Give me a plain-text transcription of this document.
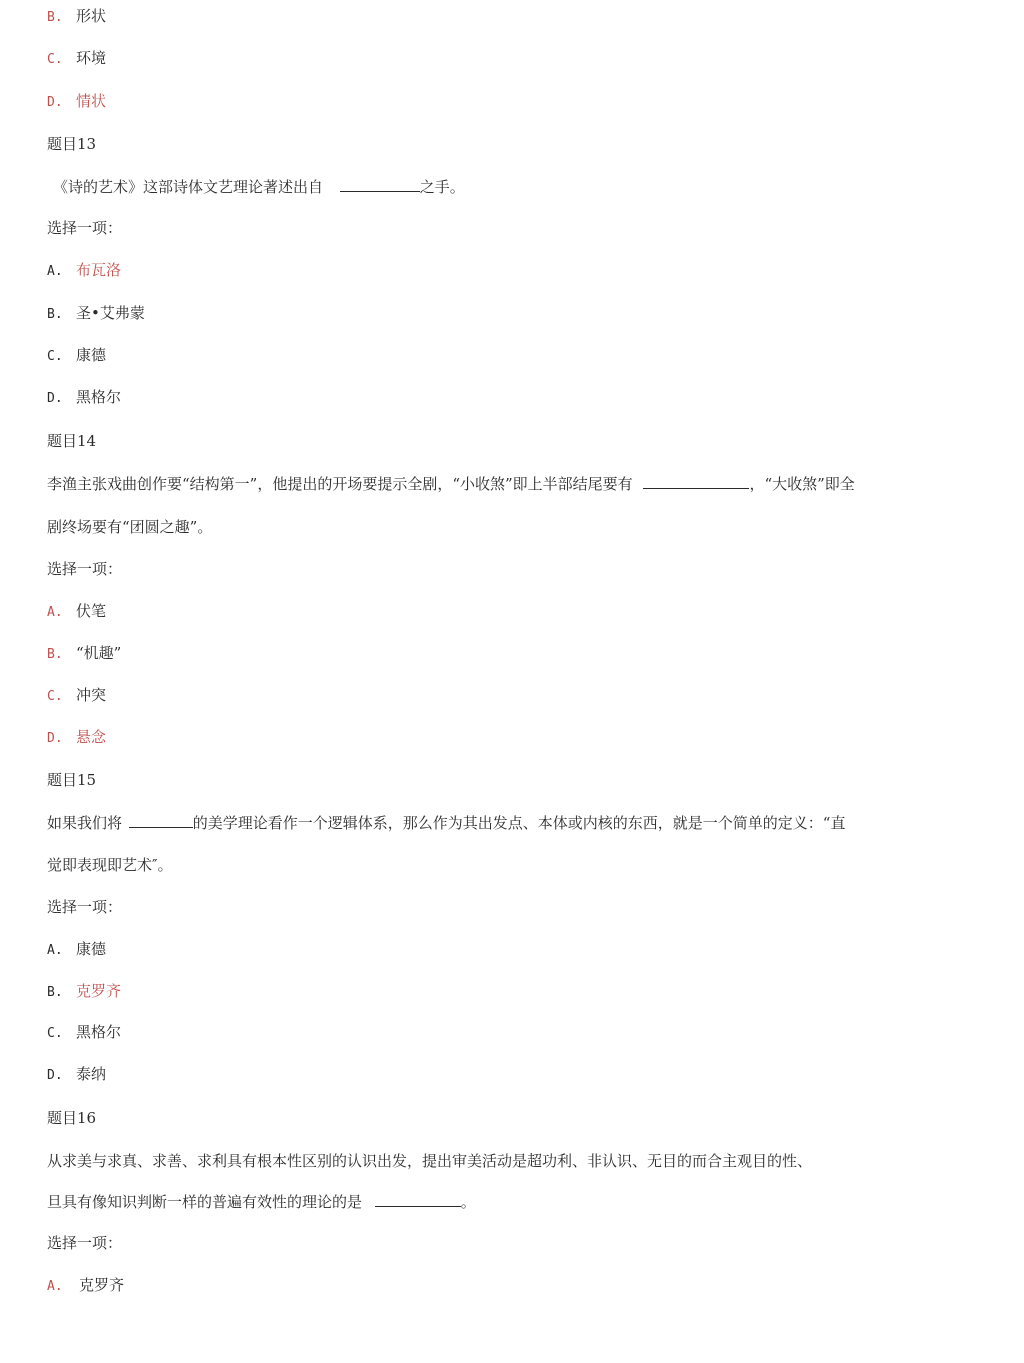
B. 形状
C. 环境
D. 情状
题目13
《诗的艺术》这部诗体文艺理论著述出自	之手。
选择一项：
A. 布瓦洛
B. 圣•艾弗蒙
C. 康德
D. 黑格尔
题目14
李渔主张戏曲创作要“结构第一”，他提出的开场要提示全剧，“小收煞”即上半部结尾要有	，“大收煞”即全
剧终场要有“团圆之趣”。
选择一项：
A. 伏笔
B. “机趣”
C. 冲突
D. 悬念
题目15
如果我们将	的美学理论看作一个逻辑体系，那么作为其出发点、本体或内核的东西，就是一个简单的定义：“直
觉即表现即艺术″。
选择一项：
A. 康德
B. 克罗齐
C. 黑格尔
D. 泰纳
题目16
从求美与求真、求善、求利具有根本性区别的认识出发，提出审美活动是超功利、非认识、无目的而合主观目的性、
旦具有像知识判断一样的普遍有效性的理论的是	。
选择一项：
A. 克罗齐
